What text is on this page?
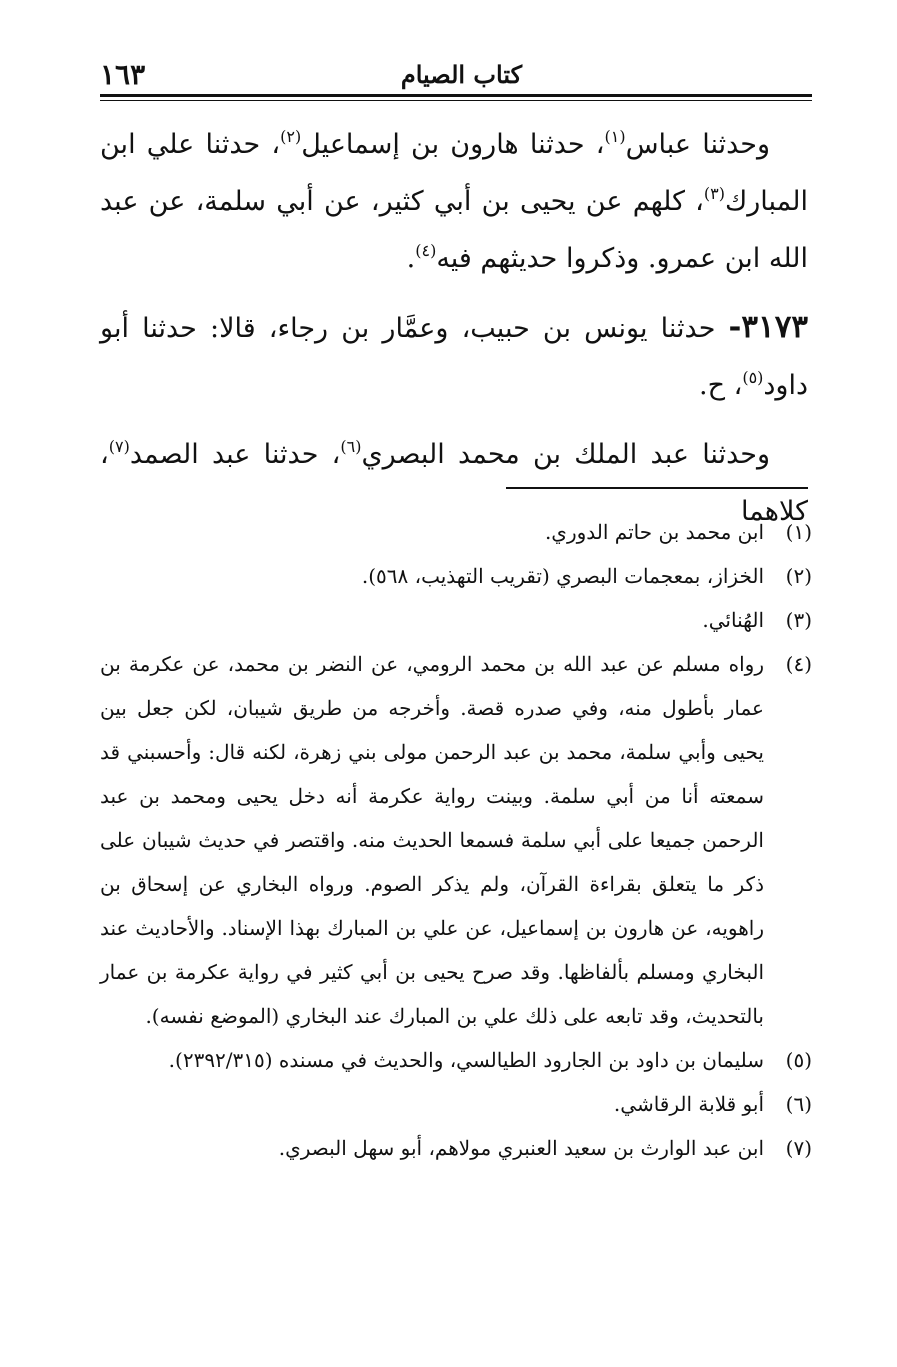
كتاب الصيام
١٦٣

وحدثنا عباس$^{(١)}$، حدثنا هارون بن إسماعيل$^{(٢)}$، حدثنا علي ابن المبارك$^{(٣)}$، كلهم عن يحيى بن أبي كثير، عن أبي سلمة، عن عبد الله ابن عمرو. وذكروا حديثهم فيه$^{(٤)}$.

٣١٧٣- حدثنا يونس بن حبيب، وعمَّار بن رجاء، قالا: حدثنا أبو داود$^{(٥)}$، ح.

وحدثنا عبد الملك بن محمد البصري$^{(٦)}$، حدثنا عبد الصمد$^{(٧)}$، كلاهما

(١)
ابن محمد بن حاتم الدوري.

(٢)
الخزاز، بمعجمات البصري (تقريب التهذيب، ٥٦٨).

(٣)
الهُنائي.

(٤)
رواه مسلم عن عبد الله بن محمد الرومي، عن النضر بن محمد، عن عكرمة بن عمار بأطول منه، وفي صدره قصة. وأخرجه من طريق شيبان، لكن جعل بين يحيى وأبي سلمة، محمد بن عبد الرحمن مولى بني زهرة، لكنه قال: وأحسبني قد سمعته أنا من أبي سلمة. وبينت رواية عكرمة أنه دخل يحيى ومحمد بن عبد الرحمن جميعا على أبي سلمة فسمعا الحديث منه. واقتصر في حديث شيبان على ذكر ما يتعلق بقراءة القرآن، ولم يذكر الصوم. ورواه البخاري عن إسحاق بن راهويه، عن هارون بن إسماعيل، عن علي بن المبارك بهذا الإسناد. والأحاديث عند البخاري ومسلم بألفاظها. وقد صرح يحيى بن أبي كثير في رواية عكرمة بن عمار بالتحديث، وقد تابعه على ذلك علي بن المبارك عند البخاري (الموضع نفسه).

(٥)
سليمان بن داود بن الجارود الطيالسي، والحديث في مسنده (٢٣٩٢/٣١٥).

(٦)
أبو قلابة الرقاشي.

(٧)
ابن عبد الوارث بن سعيد العنبري مولاهم، أبو سهل البصري.
